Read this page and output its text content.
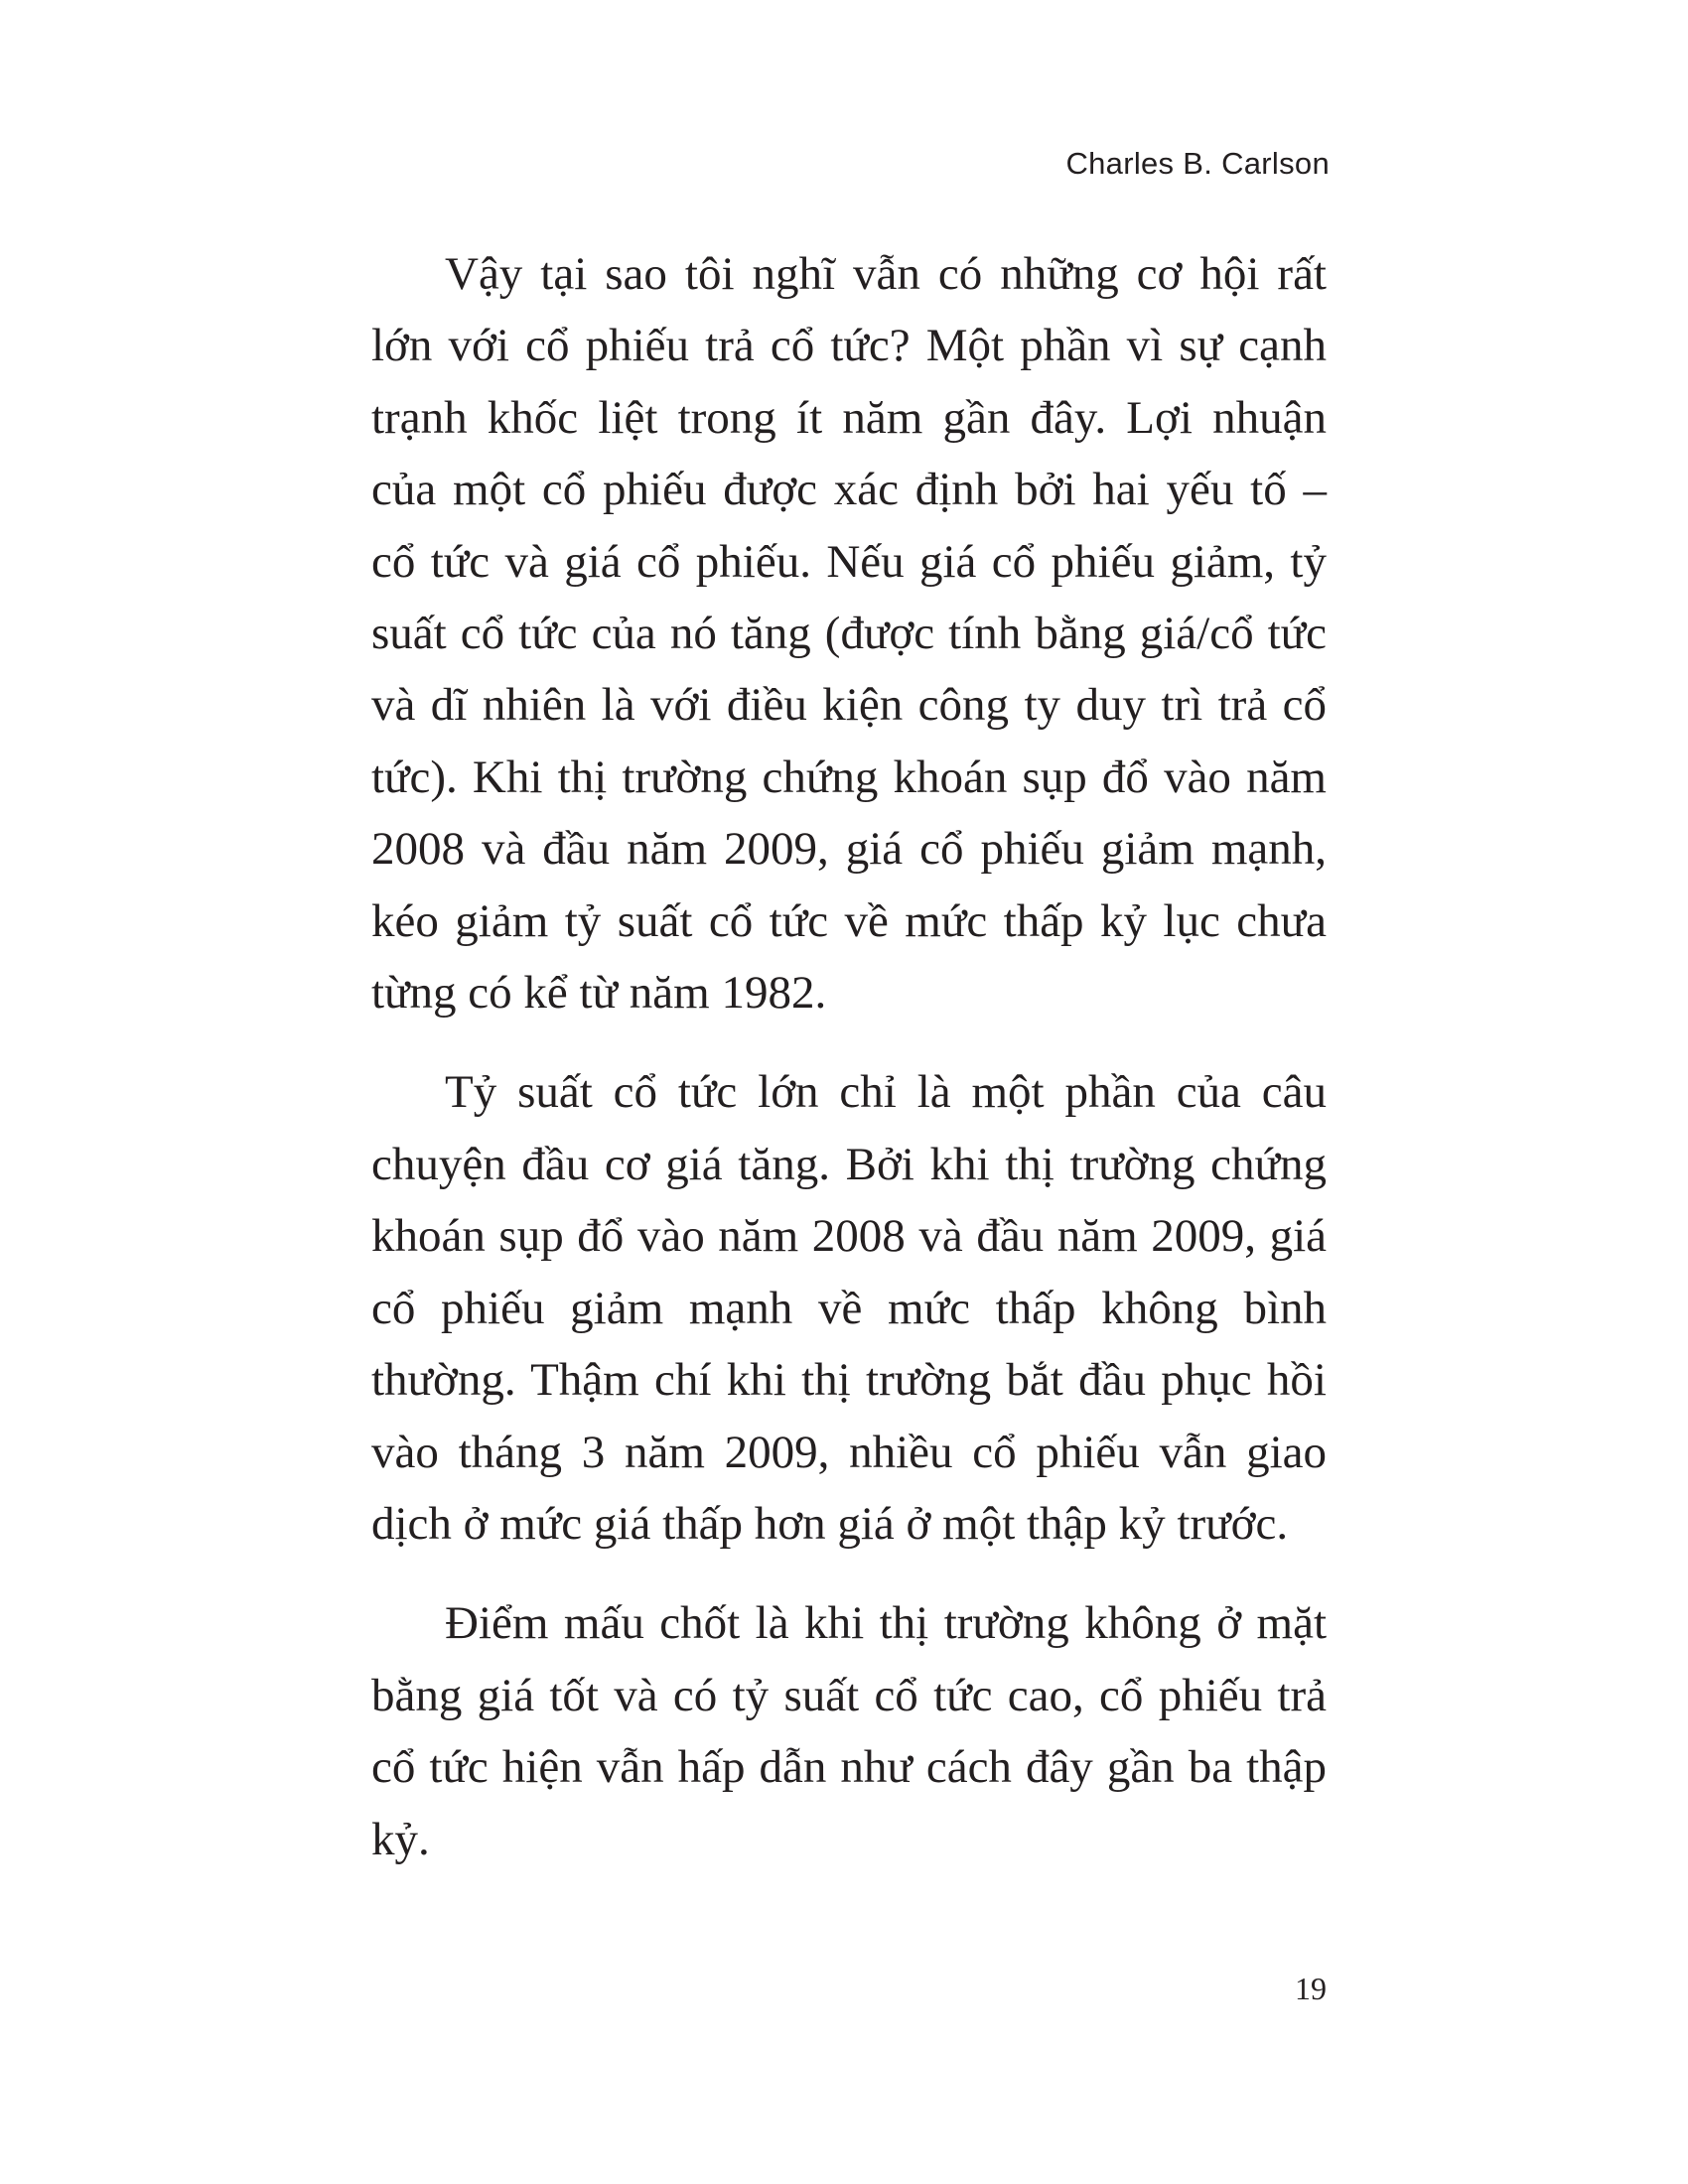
Charles B. Carlson

Vậy tại sao tôi nghĩ vẫn có những cơ hội rất lớn với cổ phiếu trả cổ tức? Một phần vì sự cạnh trạnh khốc liệt trong ít năm gần đây. Lợi nhuận của một cổ phiếu được xác định bởi hai yếu tố – cổ tức và giá cổ phiếu. Nếu giá cổ phiếu giảm, tỷ suất cổ tức của nó tăng (được tính bằng giá/cổ tức và dĩ nhiên là với điều kiện công ty duy trì trả cổ tức). Khi thị trường chứng khoán sụp đổ vào năm 2008 và đầu năm 2009, giá cổ phiếu giảm mạnh, kéo giảm tỷ suất cổ tức về mức thấp kỷ lục chưa từng có kể từ năm 1982.

Tỷ suất cổ tức lớn chỉ là một phần của câu chuyện đầu cơ giá tăng. Bởi khi thị trường chứng khoán sụp đổ vào năm 2008 và đầu năm 2009, giá cổ phiếu giảm mạnh về mức thấp không bình thường. Thậm chí khi thị trường bắt đầu phục hồi vào tháng 3 năm 2009, nhiều cổ phiếu vẫn giao dịch ở mức giá thấp hơn giá ở một thập kỷ trước.

Điểm mấu chốt là khi thị trường không ở mặt bằng giá tốt và có tỷ suất cổ tức cao, cổ phiếu trả cổ tức hiện vẫn hấp dẫn như cách đây gần ba thập kỷ.

19
